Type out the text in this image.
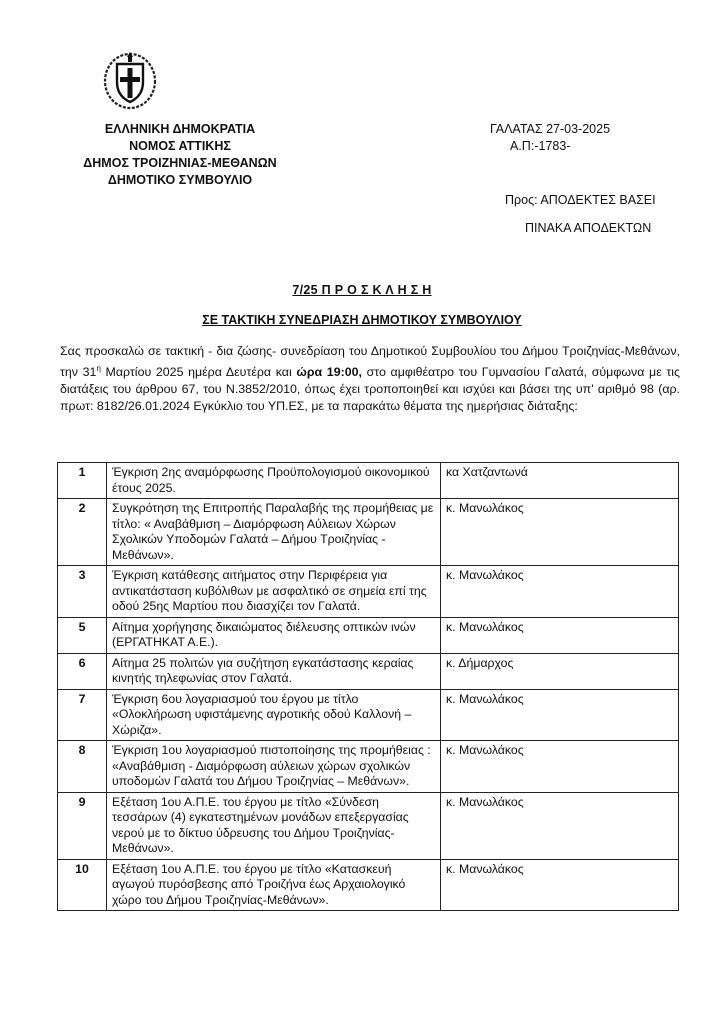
ΕΛΛΗΝΙΚΗ ΔΗΜΟΚΡΑΤΙΑ
ΝΟΜΟΣ ΑΤΤΙΚΗΣ
ΔΗΜΟΣ ΤΡΟΙΖΗΝΙΑΣ-ΜΕΘΑΝΩΝ
ΔΗΜΟΤΙΚΟ ΣΥΜΒΟΥΛΙΟ
ΓΑΛΑΤΑΣ 27-03-2025
Α.Π:-1783-
Προς: ΑΠΟΔΕΚΤΕΣ ΒΑΣΕΙ
ΠΙΝΑΚΑ ΑΠΟΔΕΚΤΩΝ
7/25 Π Ρ Ο Σ Κ Λ Η Σ Η
ΣΕ ΤΑΚΤΙΚΗ ΣΥΝΕΔΡΙΑΣΗ ΔΗΜΟΤΙΚΟΥ ΣΥΜΒΟΥΛΙΟΥ
Σας προσκαλώ σε τακτική - δια ζώσης- συνεδρίαση του Δημοτικού Συμβουλίου του Δήμου Τροιζηνίας-Μεθάνων, την $31^\eta$ Μαρτίου 2025 ημέρα Δευτέρα και ώρα 19:00, στο αμφιθέατρο του Γυμνασίου Γαλατά, σύμφωνα με τις διατάξεις του άρθρου 67, του Ν.3852/2010, όπως έχει τροποποιηθεί και ισχύει και βάσει της υπ' αριθμό 98 (αρ. πρωτ: 8182/26.01.2024 Εγκύκλιο του ΥΠ.ΕΣ, με τα παρακάτω θέματα της ημερήσιας διάταξης:
1	Έγκριση 2ης αναμόρφωσης Προϋπολογισμού οικονομικού έτους 2025.	κα Χατζαντωνά
2	Συγκρότηση της Επιτροπής Παραλαβής της προμήθειας με τίτλο: « Αναβάθμιση – Διαμόρφωση Αύλειων Χώρων Σχολικών Υποδομών Γαλατά – Δήμου Τροιζηνίας - Μεθάνων».	κ. Μανωλάκος
3	Έγκριση κατάθεσης αιτήματος στην Περιφέρεια για αντικατάσταση κυβόλιθων με ασφαλτικό σε σημεία επί της οδού 25ης Μαρτίου που διασχίζει τον Γαλατά.	κ. Μανωλάκος
5	Αίτημα χορήγησης δικαιώματος διέλευσης οπτικών ινών (ΕΡΓΑΤΗΚΑΤ Α.Ε.).	κ. Μανωλάκος
6	Αίτημα 25 πολιτών για συζήτηση εγκατάστασης κεραίας κινητής τηλεφωνίας στον Γαλατά.	κ. Δήμαρχος
7	Έγκριση 6ου λογαριασμού του έργου με τίτλο «Ολοκλήρωση υφιστάμενης αγροτικής οδού Καλλονή – Χώριζα».	κ. Μανωλάκος
8	Έγκριση 1ου λογαριασμού πιστοποίησης της προμήθειας : «Αναβάθμιση - Διαμόρφωση αύλειων χώρων σχολικών υποδομών Γαλατά του Δήμου Τροιζηνίας – Μεθάνων».	κ. Μανωλάκος
9	Εξέταση 1ου Α.Π.Ε. του έργου με τίτλο «Σύνδεση τεσσάρων (4) εγκατεστημένων μονάδων επεξεργασίας νερού με το δίκτυο ύδρευσης του Δήμου Τροιζηνίας-Μεθάνων».	κ. Μανωλάκος
10	Εξέταση 1ου Α.Π.Ε. του έργου με τίτλο «Κατασκευή αγωγού πυρόσβεσης από Τροιζήνα έως Αρχαιολογικό χώρο του Δήμου Τροιζηνίας-Μεθάνων».	κ. Μανωλάκος
